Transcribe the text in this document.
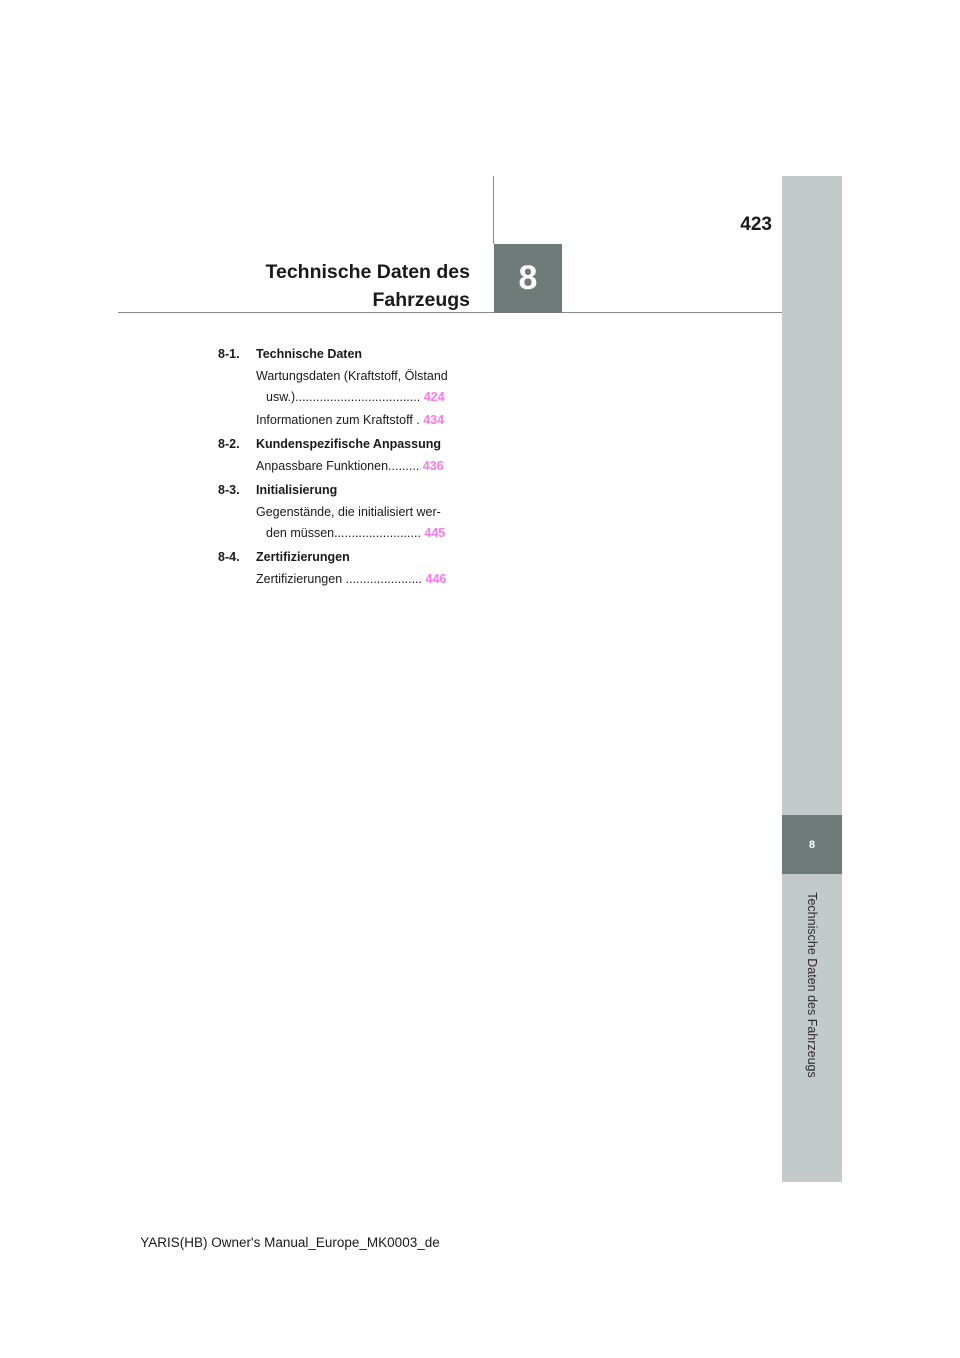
423
Technische Daten des
Fahrzeugs
8
8
Technische Daten des Fahrzeugs
8-1. Technische Daten
Wartungsdaten (Kraftstoff, Ölstand
usw.).................................... 424
Informationen zum Kraftstoff . 434
8-2. Kundenspezifische Anpassung
Anpassbare Funktionen......... 436
8-3. Initialisierung
Gegenstände, die initialisiert wer-
den müssen......................... 445
8-4. Zertifizierungen
Zertifizierungen ...................... 446
YARIS(HB) Owner's Manual_Europe_MK0003_de
